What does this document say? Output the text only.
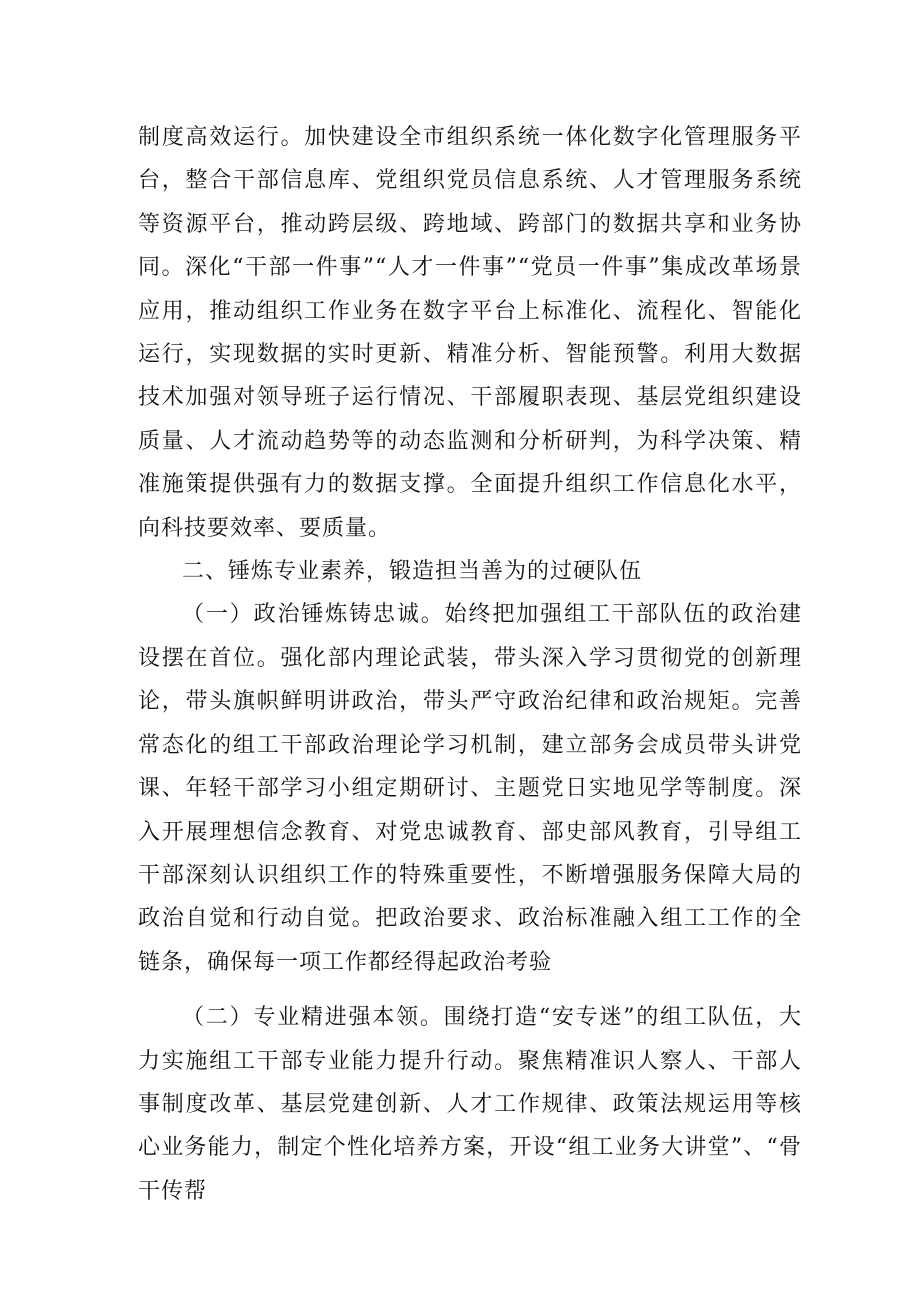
制度高效运行。加快建设全市组织系统一体化数字化管理服务平台，整合干部信息库、党组织党员信息系统、人才管理服务系统等资源平台，推动跨层级、跨地域、跨部门的数据共享和业务协同。深化“干部一件事”“人才一件事”“党员一件事”集成改革场景应用，推动组织工作业务在数字平台上标准化、流程化、智能化运行，实现数据的实时更新、精准分析、智能预警。利用大数据技术加强对领导班子运行情况、干部履职表现、基层党组织建设质量、人才流动趋势等的动态监测和分析研判，为科学决策、精准施策提供强有力的数据支撑。全面提升组织工作信息化水平，向科技要效率、要质量。

二、锤炼专业素养，锻造担当善为的过硬队伍

（一）政治锤炼铸忠诚。始终把加强组工干部队伍的政治建设摆在首位。强化部内理论武装，带头深入学习贯彻党的创新理论，带头旗帜鲜明讲政治，带头严守政治纪律和政治规矩。完善常态化的组工干部政治理论学习机制，建立部务会成员带头讲党课、年轻干部学习小组定期研讨、主题党日实地见学等制度。深入开展理想信念教育、对党忠诚教育、部史部风教育，引导组工干部深刻认识组织工作的特殊重要性，不断增强服务保障大局的政治自觉和行动自觉。把政治要求、政治标准融入组工工作的全链条，确保每一项工作都经得起政治考验

（二）专业精进强本领。围绕打造“安专迷”的组工队伍，大力实施组工干部专业能力提升行动。聚焦精准识人察人、干部人事制度改革、基层党建创新、人才工作规律、政策法规运用等核心业务能力，制定个性化培养方案，开设“组工业务大讲堂”、“骨干传帮
